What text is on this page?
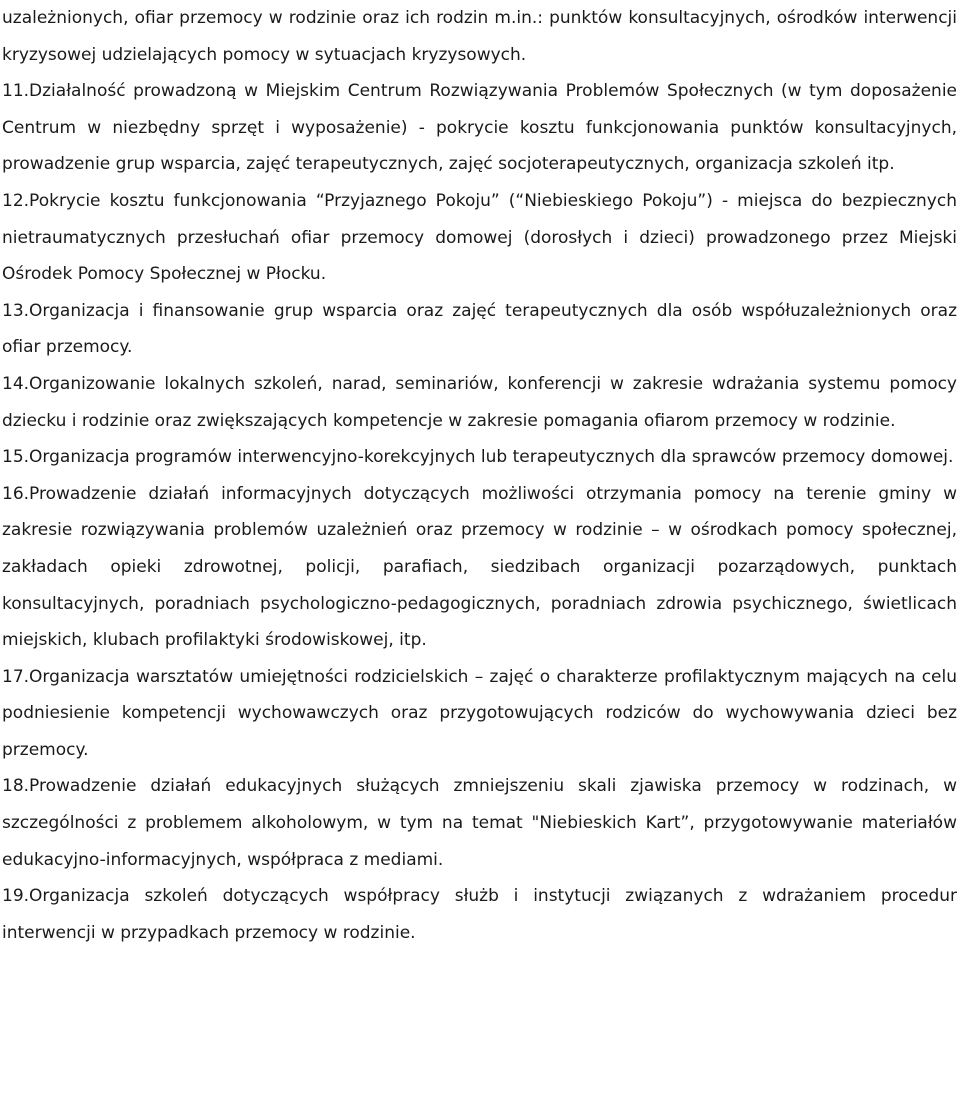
uzależnionych, ofiar przemocy w rodzinie oraz ich rodzin m.in.: punktów konsultacyjnych, ośrodków interwencji kryzysowej udzielających pomocy w sytuacjach kryzysowych.

11.Działalność prowadzoną w Miejskim Centrum Rozwiązywania Problemów Społecznych (w tym doposażenie Centrum w niezbędny sprzęt i wyposażenie) - pokrycie kosztu funkcjonowania punktów konsultacyjnych, prowadzenie grup wsparcia, zajęć terapeutycznych, zajęć socjoterapeutycznych, organizacja szkoleń itp.

12.Pokrycie kosztu funkcjonowania “Przyjaznego Pokoju” (“Niebieskiego Pokoju”) - miejsca do bezpiecznych nietraumatycznych przesłuchań ofiar przemocy domowej (dorosłych i dzieci) prowadzonego przez Miejski Ośrodek Pomocy Społecznej w Płocku.

13.Organizacja i finansowanie grup wsparcia oraz zajęć terapeutycznych dla osób współuzależnionych oraz ofiar przemocy.

14.Organizowanie lokalnych szkoleń, narad, seminariów, konferencji w zakresie wdrażania systemu pomocy dziecku i rodzinie oraz zwiększających kompetencje w zakresie pomagania ofiarom przemocy w rodzinie.

15.Organizacja programów interwencyjno-korekcyjnych lub terapeutycznych dla sprawców przemocy domowej.

16.Prowadzenie działań informacyjnych dotyczących możliwości otrzymania pomocy na terenie gminy w zakresie rozwiązywania problemów uzależnień oraz przemocy w rodzinie – w ośrodkach pomocy społecznej, zakładach opieki zdrowotnej, policji, parafiach, siedzibach organizacji pozarządowych, punktach konsultacyjnych, poradniach psychologiczno-pedagogicznych, poradniach zdrowia psychicznego, świetlicach miejskich, klubach profilaktyki środowiskowej, itp.

17.Organizacja warsztatów umiejętności rodzicielskich – zajęć o charakterze profilaktycznym mających na celu podniesienie kompetencji wychowawczych oraz przygotowujących rodziców do wychowywania dzieci bez przemocy.

18.Prowadzenie działań edukacyjnych służących zmniejszeniu skali zjawiska przemocy w rodzinach, w szczególności z problemem alkoholowym, w tym na temat "Niebieskich Kart”, przygotowywanie materiałów edukacyjno-informacyjnych, współpraca z mediami.

19.Organizacja szkoleń dotyczących współpracy służb i instytucji związanych z wdrażaniem procedur interwencji w przypadkach przemocy w rodzinie.
